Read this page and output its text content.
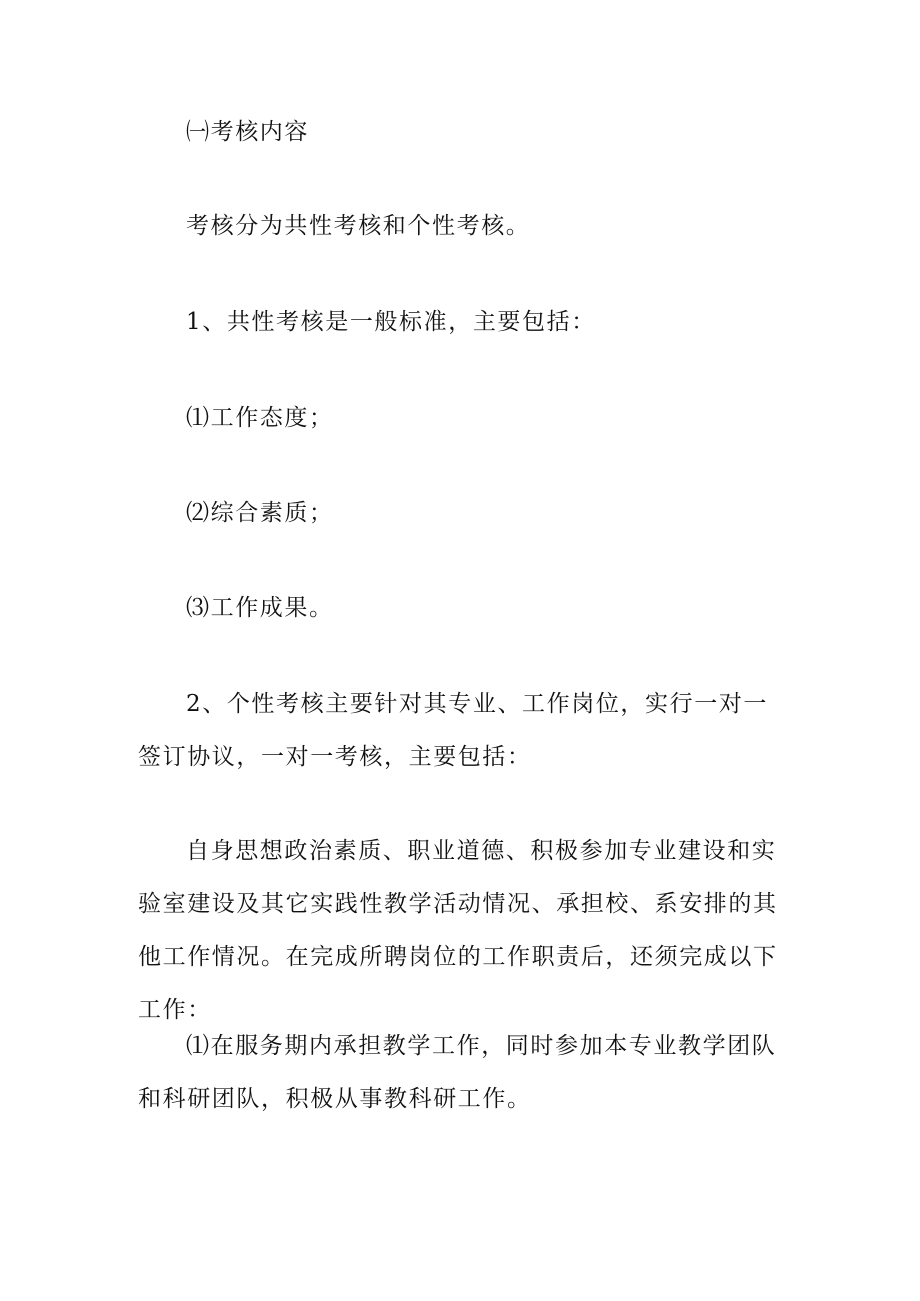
㈠考核内容

考核分为共性考核和个性考核。

1、共性考核是一般标准，主要包括：

⑴工作态度；

⑵综合素质；

⑶工作成果。

2、个性考核主要针对其专业、工作岗位，实行一对一签订协议，一对一考核，主要包括：

自身思想政治素质、职业道德、积极参加专业建设和实验室建设及其它实践性教学活动情况、承担校、系安排的其他工作情况。在完成所聘岗位的工作职责后，还须完成以下工作：

⑴在服务期内承担教学工作，同时参加本专业教学团队和科研团队，积极从事教科研工作。
